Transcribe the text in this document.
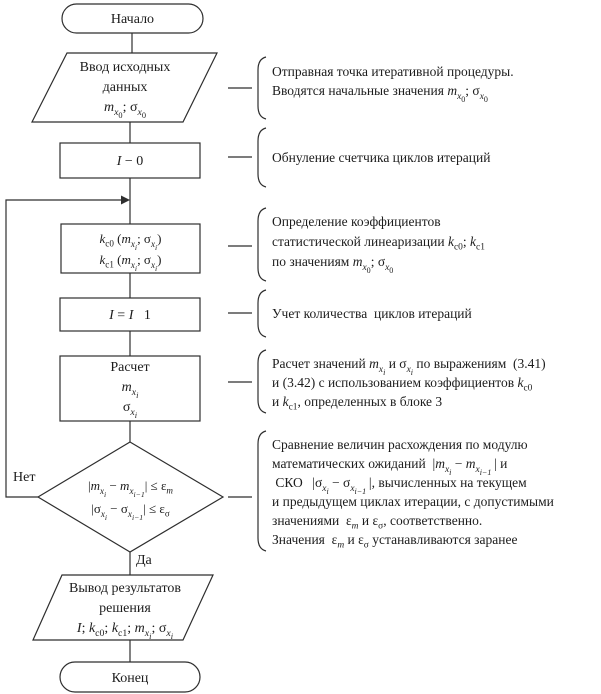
Начало
Ввод исходных
данных
$m_{x_0}$; $\sigma_{x_0}$
I − 0
$k_{с0}$ ($m_{x_i}$; $\sigma_{x_i}$)
$k_{с1}$ ($m_{x_i}$; $\sigma_{x_i}$)
I = I   1
Расчет
$m_{x_i}$
$\sigma_{x_i}$
$|m_{x_i} - m_{x_{i-1}}| \le \varepsilon_m$
$|\sigma_{x_i} - \sigma_{x_{i-1}}| \le \varepsilon_\sigma$
Нет
Да
Вывод результатов
решения
I; $k_{с0}$; $k_{с1}$; $m_{x_i}$; $\sigma_{x_i}$
Конец
Отправная точка итеративной процедуры.
Вводятся начальные значения $m_{x_0}$; $\sigma_{x_0}$
Обнуление счетчика циклов итераций
Определение коэффициентов
статистической линеаризации $k_{с0}$; $k_{с1}$
по значениям $m_{x_0}$; $\sigma_{x_0}$
Учет количества  циклов итераций
Расчет значений $m_{x_i}$ и $\sigma_{x_i}$ по выражениям  (3.41)
и (3.42) с использованием коэффициентов $k_{с0}$
и $k_{с1}$, определенных в блоке 3
Сравнение величин расхождения по модулю
математических ожиданий  $|m_{x_i} - m_{x_{i-1}}$ | и
СКО   $|\sigma_{x_i} - \sigma_{x_{i-1}}$ |, вычисленных на текущем
и предыдущем циклах итерации, с допустимыми
значениями  $\varepsilon_m$ и $\varepsilon_\sigma$, соответственно.
Значения  $\varepsilon_m$ и $\varepsilon_\sigma$ устанавливаются заранее
